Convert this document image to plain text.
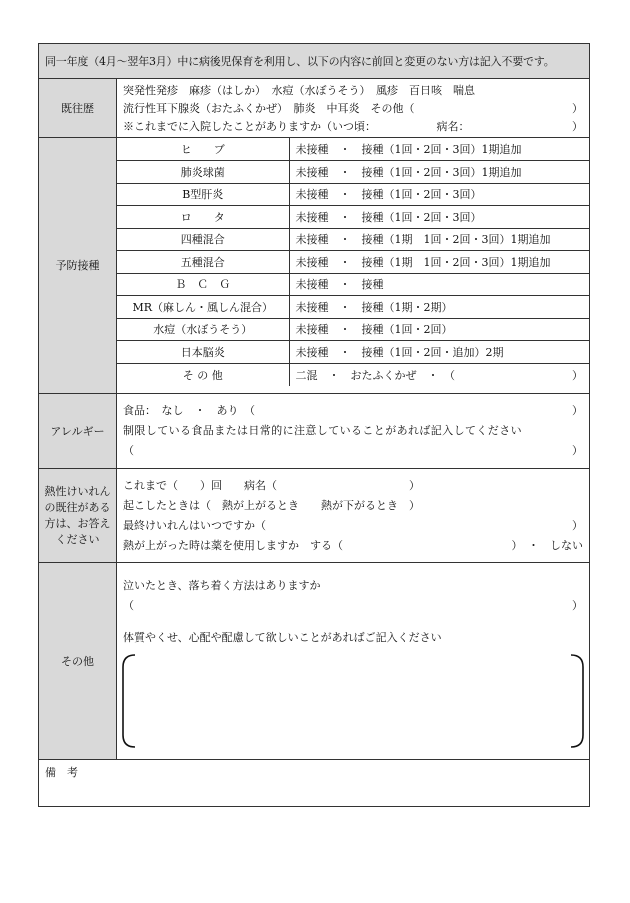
同一年度（4月～翌年3月）中に病後児保育を利用し、以下の内容に前回と変更のない方は記入不要です。
既往歴
突発性発疹　麻疹（はしか）　水痘（水ぼうそう）　風疹　百日咳　喘息
流行性耳下腺炎（おたふくかぜ）　肺炎　中耳炎　その他（	）
※これまでに入院したことがありますか（いつ頃：　　　　　　病名：	）
予防接種
ヒ　　ブ	未接種　・　接種（1回・2回・3回）1期追加
肺炎球菌	未接種　・　接種（1回・2回・3回）1期追加
B型肝炎	未接種　・　接種（1回・2回・3回）
ロ　　タ	未接種　・　接種（1回・2回・3回）
四種混合	未接種　・　接種（1期　1回・2回・3回）1期追加
五種混合	未接種　・　接種（1期　1回・2回・3回）1期追加
Ｂ　Ｃ　Ｇ	未接種　・　接種
MR（麻しん・風しん混合）	未接種　・　接種（1期・2期）
水痘（水ぼうそう）	未接種　・　接種（1回・2回）
日本脳炎	未接種　・　接種（1回・2回・追加）2期
そ の 他	二混　・　おたふくかぜ　・　（ ）
アレルギー
食品：　なし　・　あり　（	）
制限している食品または日常的に注意していることがあれば記入してください
（	）
熱性けいれんの既往がある方は、お答えください
これまで（　　）回　　病名（　　　　　　　　　　　　）
起こしたときは（　熱が上がるとき　　熱が下がるとき　）
最終けいれんはいつですか（	）
熱が上がった時は薬を使用しますか　する（	）　・　しない
その他
泣いたとき、落ち着く方法はありますか
（	）
体質やくせ、心配や配慮して欲しいことがあればご記入ください
備　考
